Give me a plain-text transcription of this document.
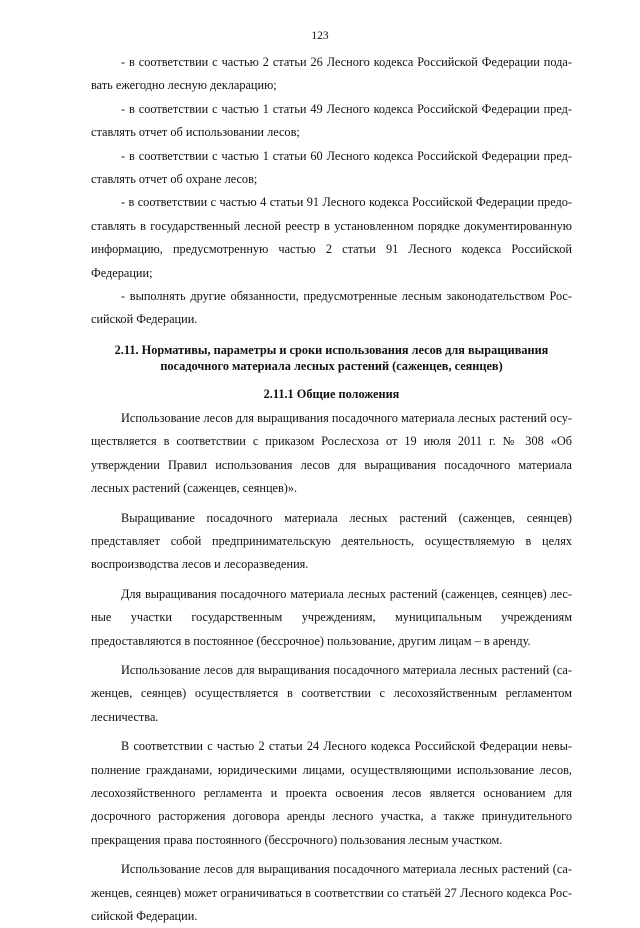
123

- в соответствии с частью 2 статьи 26 Лесного кодекса Российской Федерации подавать ежегодно лесную декларацию;

- в соответствии с частью 1 статьи 49 Лесного кодекса Российской Федерации представлять отчет об использовании лесов;

- в соответствии с частью 1 статьи 60 Лесного кодекса Российской Федерации представлять отчет об охране лесов;

- в соответствии с частью 4 статьи 91 Лесного кодекса Российской Федерации предоставлять в государственный лесной реестр в установленном порядке документированную информацию, предусмотренную частью 2 статьи 91 Лесного кодекса Российской Федерации;

- выполнять другие обязанности, предусмотренные лесным законодательством Российской Федерации.

2.11. Нормативы, параметры и сроки использования лесов для выращивания посадочного материала лесных растений (саженцев, сеянцев)
2.11.1 Общие положения

Использование лесов для выращивания посадочного материала лесных растений осуществляется в соответствии с приказом Рослесхоза от 19 июля 2011 г. № 308 «Об утверждении Правил использования лесов для выращивания посадочного материала лесных растений (саженцев, сеянцев)».

Выращивание посадочного материала лесных растений (саженцев, сеянцев) представляет собой предпринимательскую деятельность, осуществляемую в целях воспроизводства лесов и лесоразведения.

Для выращивания посадочного материала лесных растений (саженцев, сеянцев) лесные участки государственным учреждениям, муниципальным учреждениям предоставляются в постоянное (бессрочное) пользование, другим лицам – в аренду.

Использование лесов для выращивания посадочного материала лесных растений (саженцев, сеянцев) осуществляется в соответствии с лесохозяйственным регламентом лесничества.

В соответствии с частью 2 статьи 24 Лесного кодекса Российской Федерации невыполнение гражданами, юридическими лицами, осуществляющими использование лесов, лесохозяйственного регламента и проекта освоения лесов является основанием для досрочного расторжения договора аренды лесного участка, а также принудительного прекращения права постоянного (бессрочного) пользования лесным участком.

Использование лесов для выращивания посадочного материала лесных растений (саженцев, сеянцев) может ограничиваться в соответствии со статьёй 27 Лесного кодекса Российской Федерации.
